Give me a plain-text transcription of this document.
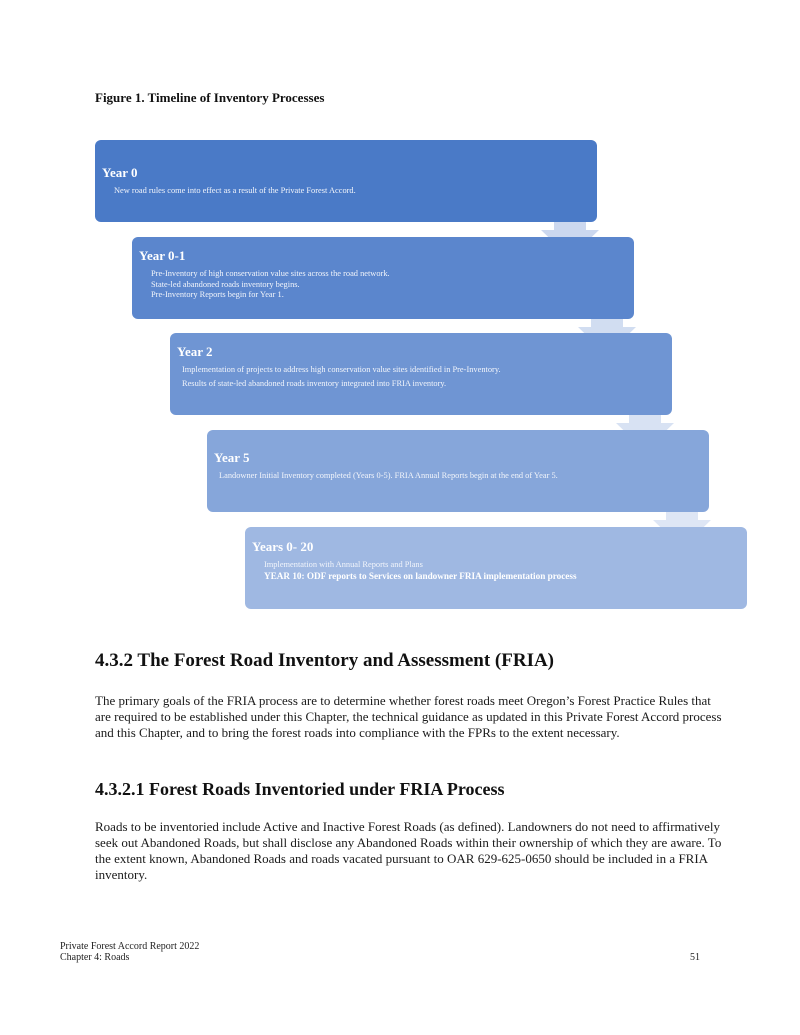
Figure 1. Timeline of Inventory Processes
Year 0
New road rules come into effect as a result of the Private Forest Accord.
Year 0-1
Pre-Inventory of high conservation value sites across the road network.
State-led abandoned roads inventory begins.
Pre-Inventory Reports begin for Year 1.
Year 2
Implementation of projects to address high conservation value sites identified in Pre-Inventory.
Results of state-led abandoned roads inventory integrated into FRIA inventory.
Year 5
Landowner Initial Inventory completed (Years 0-5). FRIA Annual Reports begin at the end of Year 5.
Years 0- 20
Implementation with Annual Reports and Plans
YEAR 10: ODF reports to Services on landowner FRIA implementation process
4.3.2 The Forest Road Inventory and Assessment (FRIA)
The primary goals of the FRIA process are to determine whether forest roads meet Oregon’s Forest Practice Rules that are required to be established under this Chapter, the technical guidance as updated in this Private Forest Accord process and this Chapter, and to bring the forest roads into compliance with the FPRs to the extent necessary.
4.3.2.1 Forest Roads Inventoried under FRIA Process
Roads to be inventoried include Active and Inactive Forest Roads (as defined). Landowners do not need to affirmatively seek out Abandoned Roads, but shall disclose any Abandoned Roads within their ownership of which they are aware. To the extent known, Abandoned Roads and roads vacated pursuant to OAR 629-625-0650 should be included in a FRIA inventory.
Private Forest Accord Report 2022
Chapter 4: Roads	51
